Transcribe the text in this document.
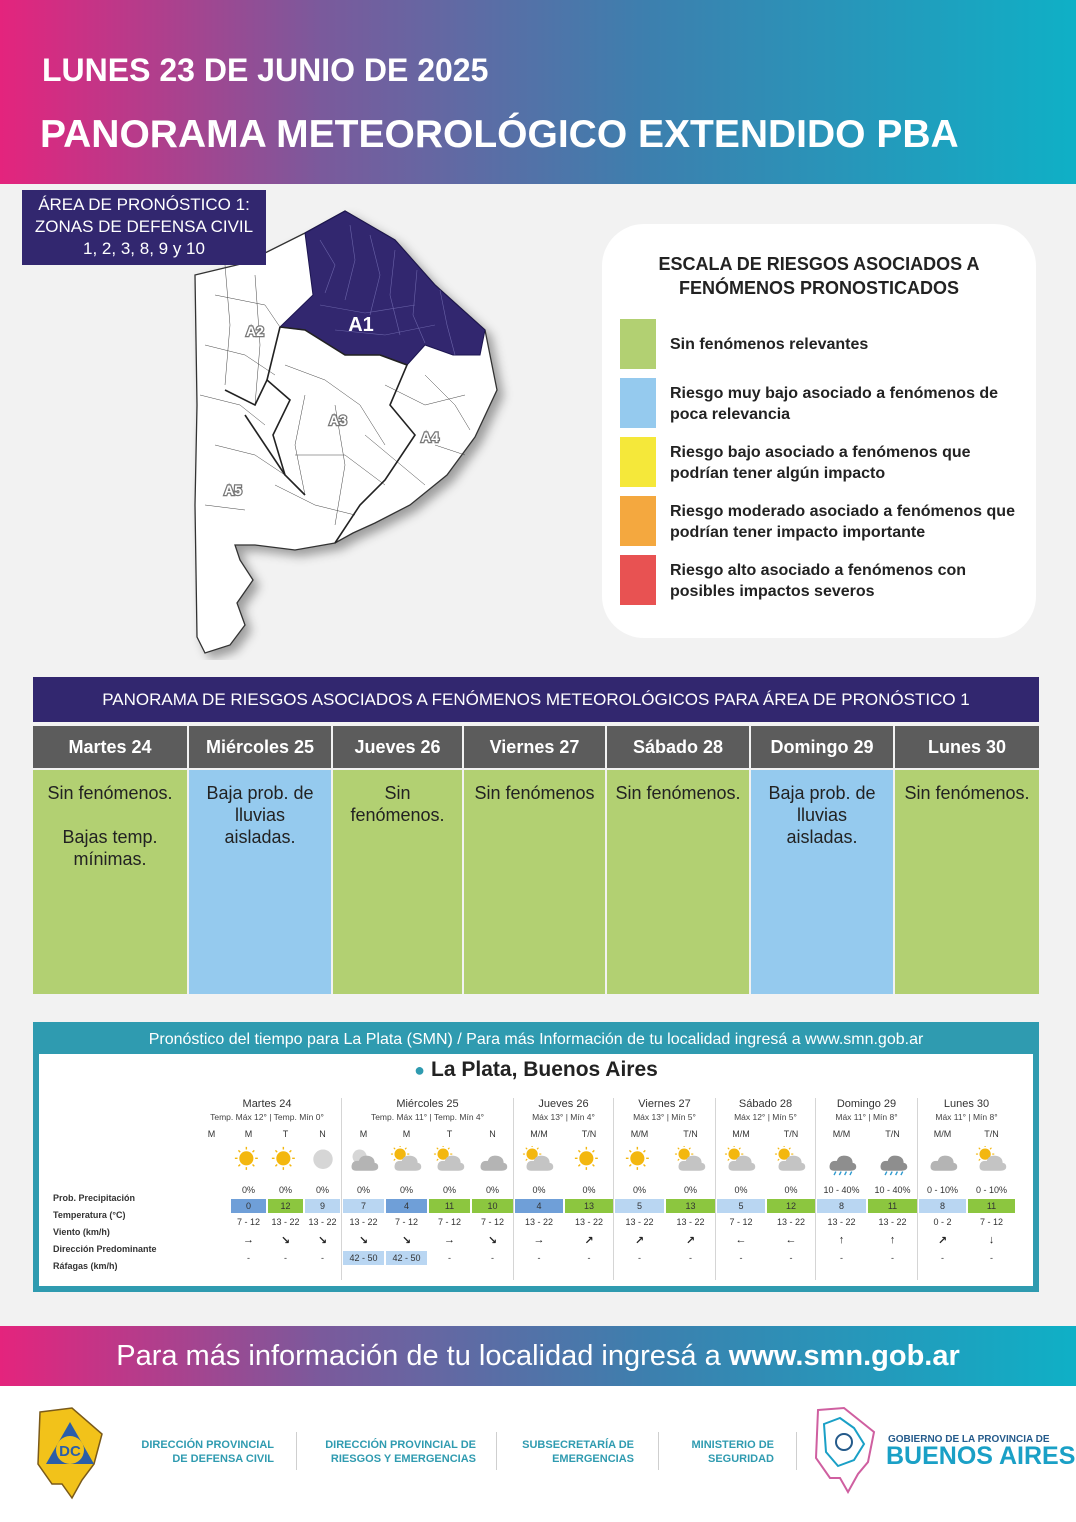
LUNES 23 DE JUNIO DE 2025
PANORAMA METEOROLÓGICO EXTENDIDO PBA
ÁREA DE PRONÓSTICO 1:
ZONAS DE DEFENSA CIVIL
1, 2, 3, 8, 9 y 10
A1
A2
A3
A4
A5
ESCALA DE RIESGOS ASOCIADOS A
FENÓMENOS PRONOSTICADOS
Sin fenómenos relevantes
Riesgo muy bajo asociado a fenómenos de poca relevancia
Riesgo bajo asociado a fenómenos que podrían tener algún impacto
Riesgo moderado asociado a fenómenos que podrían tener impacto importante
Riesgo alto asociado a fenómenos con posibles impactos severos
PANORAMA DE RIESGOS ASOCIADOS A FENÓMENOS METEOROLÓGICOS PARA ÁREA DE PRONÓSTICO 1
Martes 24
Sin fenómenos.

Bajas temp. mínimas.
Miércoles 25
Baja prob. de lluvias aisladas.
Jueves 26
Sin fenómenos.
Viernes 27
Sin fenómenos
Sábado 28
Sin fenómenos.
Domingo 29
Baja prob. de lluvias aisladas.
Lunes 30
Sin fenómenos.
Pronóstico del tiempo para La Plata (SMN) / Para más Información de tu localidad ingresá a www.smn.gob.ar
● La Plata, Buenos Aires
Prob. Precipitación
Temperatura (°C)
Viento (km/h)
Dirección Predominante
Ráfagas (km/h)
Martes 24
Temp. Máx 12° | Temp. Mín 0°
M	M
0%
0
7 - 12
→
-
T
0%
12
13 - 22
↘
-
N
0%
9
13 - 22
↘
-
Miércoles 25
Temp. Máx 11° | Temp. Mín 4°
M
0%
7
13 - 22
↘
42 - 50
M
0%
4
7 - 12
↘
42 - 50
T
0%
11
7 - 12
→
-
N
0%
10
7 - 12
↘
-
Jueves 26
Máx 13° | Mín 4°
M/M
0%
4
13 - 22
→
-
T/N
0%
13
13 - 22
↗
-
Viernes 27
Máx 13° | Mín 5°
M/M
0%
5
13 - 22
↗
-
T/N
0%
13
13 - 22
↗
-
Sábado 28
Máx 12° | Mín 5°
M/M
0%
5
7 - 12
←
-
T/N
0%
12
13 - 22
←
-
Domingo 29
Máx 11° | Mín 8°
M/M
10 - 40%
8
13 - 22
↑
-
T/N
10 - 40%
11
13 - 22
↑
-
Lunes 30
Máx 11° | Mín 8°
M/M
0 - 10%
8
0 - 2
↗
-
T/N
0 - 10%
11
7 - 12
↓
-
Para más información de tu localidad ingresá a www.smn.gob.ar
DC	DIRECCIÓN PROVINCIAL
DE DEFENSA CIVIL
DIRECCIÓN PROVINCIAL DE
RIESGOS Y EMERGENCIAS
SUBSECRETARÍA DE
EMERGENCIAS
MINISTERIO DE
SEGURIDAD
GOBIERNO DE LA PROVINCIA DE
BUENOS AIRES
